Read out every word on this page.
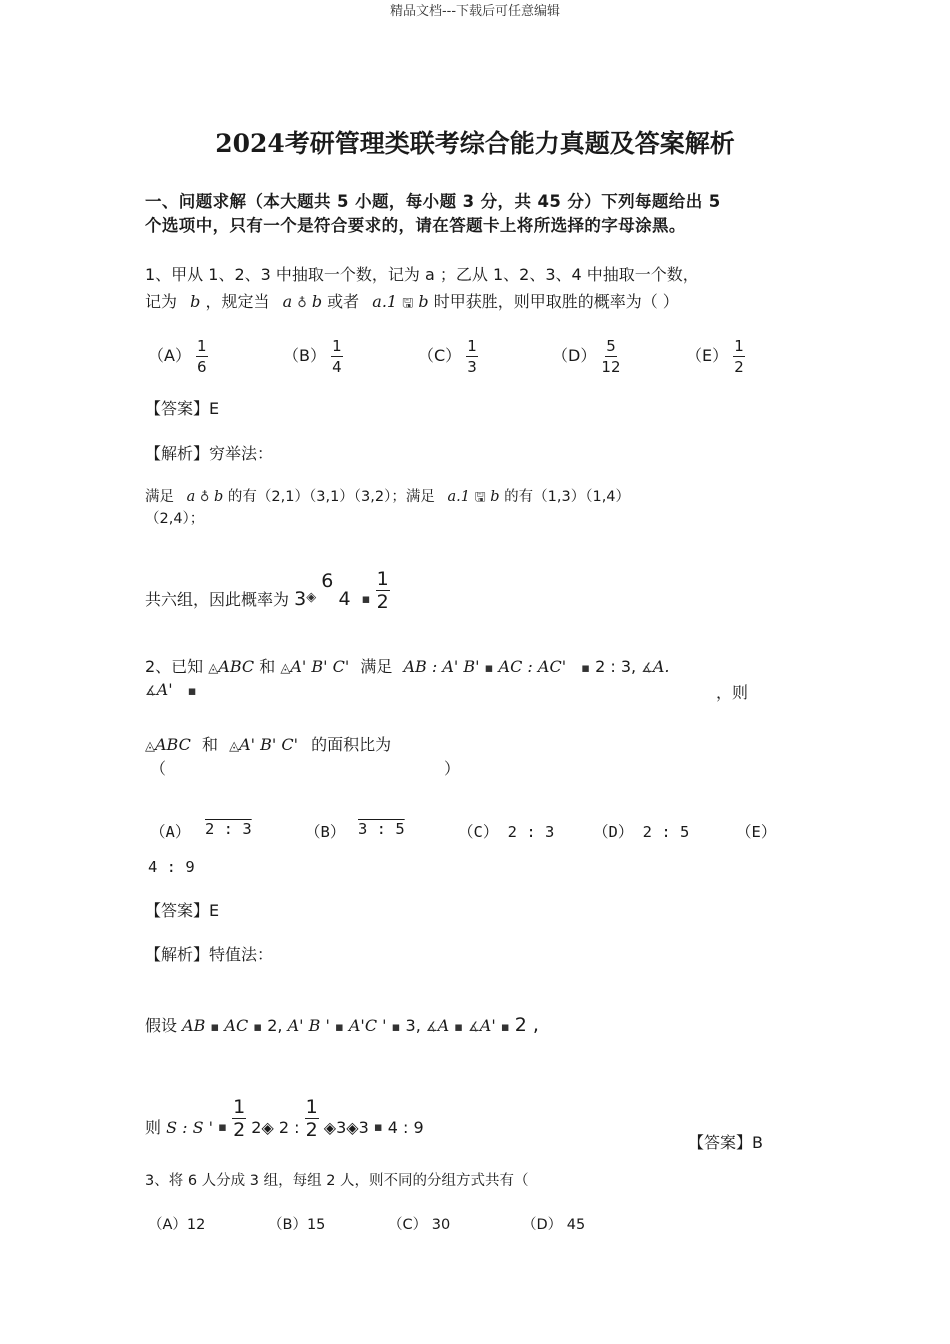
精品文档---下载后可任意编辑
2024考研管理类联考综合能力真题及答案解析
一、问题求解（本大题共 5 小题，每小题 3 分，共 45 分）下列每题给出 5
个选项中，只有一个是符合要求的，请在答题卡上将所选择的字母涂黑。
1、甲从 1、2、3 中抽取一个数，记为 a ；乙从 1、2、3、4 中抽取一个数，
记为 b ，规定当 a ♁ b 或者 a.1 🖫 b 时甲获胜，则甲取胜的概率为（ ）
$(A) \frac{1}{6}$	$(B) \frac{1}{4}$	$(C) \frac{1}{3}$	$(D) \frac{5}{12}$	$(E) \frac{1}{2}$
【答案】E
【解析】穷举法：
满足 a ♁ b 的有（2,1）（3,1）（3,2）；满足 a.1 🖫 b 的有（1,3）（1,4）
（2,4）；
共六组，因此概率为 $3_◈$ 6 4 $_▪ \frac{1}{2}$
2、已知 ◬ABC 和 ◬A' B' C' 满足 AB : A' B' ▪ AC : AC' ▪ 2 : 3, ∡A.
∡A' ▪	，则
◬ABC 和 ◬A' B' C' 的面积比为
（	）
（A） 2 : 3	（B） 3 : 5	（C） 2 : 3 （D） 2 : 5	（E）
4 : 9
【答案】E
【解析】特值法：
假设 AB ▪ AC ▪ 2, A' B ' ▪ A'C ' ▪ 3, ∡A ▪ ∡A' ▪ 2 ,
则 S : S ' $_▪ \frac{1}{2}$ 2◈ 2 : $\frac{1}{2}$ ◈3◈3 $_▪$ 4 : 9
【答案】B
3、将 6 人分成 3 组，每组 2 人，则不同的分组方式共有（
（A）12	（B）15	（C） 30	（D） 45
